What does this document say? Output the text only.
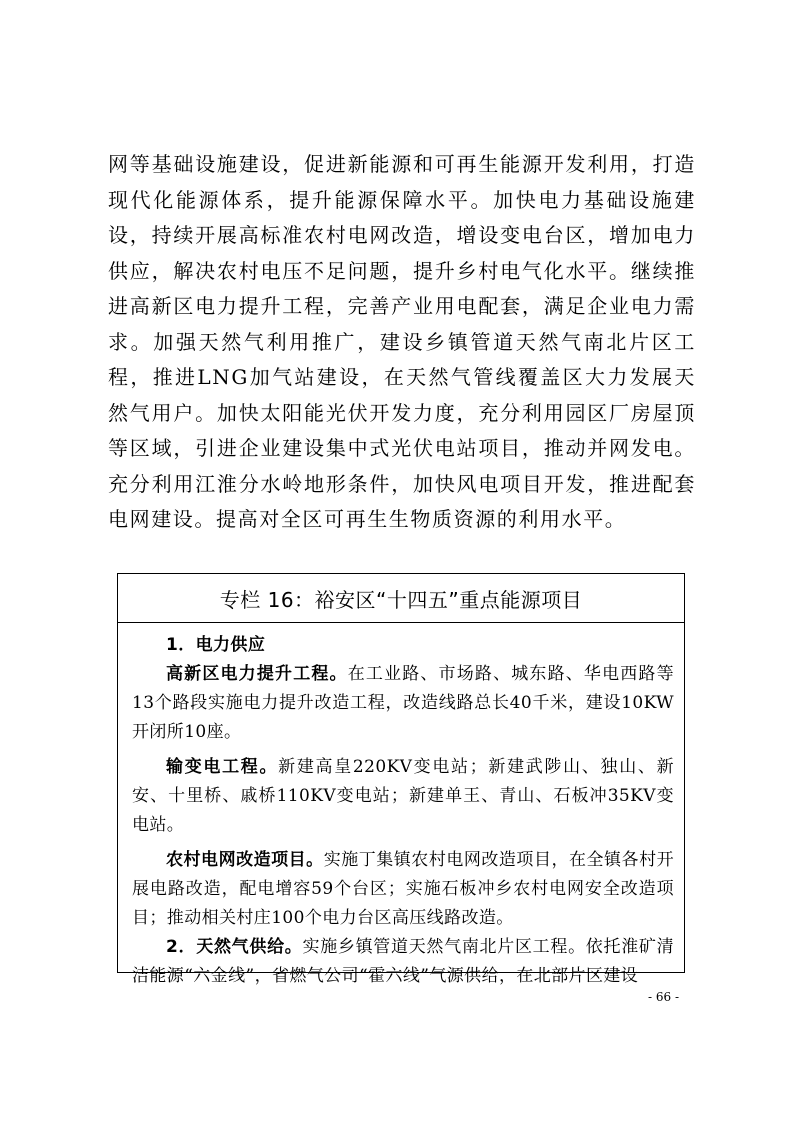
网等基础设施建设，促进新能源和可再生能源开发利用，打造现代化能源体系，提升能源保障水平。加快电力基础设施建设，持续开展高标准农村电网改造，增设变电台区，增加电力供应，解决农村电压不足问题，提升乡村电气化水平。继续推进高新区电力提升工程，完善产业用电配套，满足企业电力需求。加强天然气利用推广，建设乡镇管道天然气南北片区工程，推进LNG加气站建设，在天然气管线覆盖区大力发展天然气用户。加快太阳能光伏开发力度，充分利用园区厂房屋顶等区域，引进企业建设集中式光伏电站项目，推动并网发电。充分利用江淮分水岭地形条件，加快风电项目开发，推进配套电网建设。提高对全区可再生生物质资源的利用水平。

专栏 16：裕安区“十四五”重点能源项目

1．电力供应

高新区电力提升工程。在工业路、市场路、城东路、华电西路等13个路段实施电力提升改造工程，改造线路总长40千米，建设10KW开闭所10座。

输变电工程。新建高皇220KV变电站；新建武陟山、独山、新安、十里桥、戚桥110KV变电站；新建单王、青山、石板冲35KV变电站。

农村电网改造项目。实施丁集镇农村电网改造项目，在全镇各村开展电路改造，配电增容59个台区；实施石板冲乡农村电网安全改造项目；推动相关村庄100个电力台区高压线路改造。

2．天然气供给。实施乡镇管道天然气南北片区工程。依托淮矿清洁能源“六金线”，省燃气公司“霍六线”气源供给，在北部片区建设

- 66 -
